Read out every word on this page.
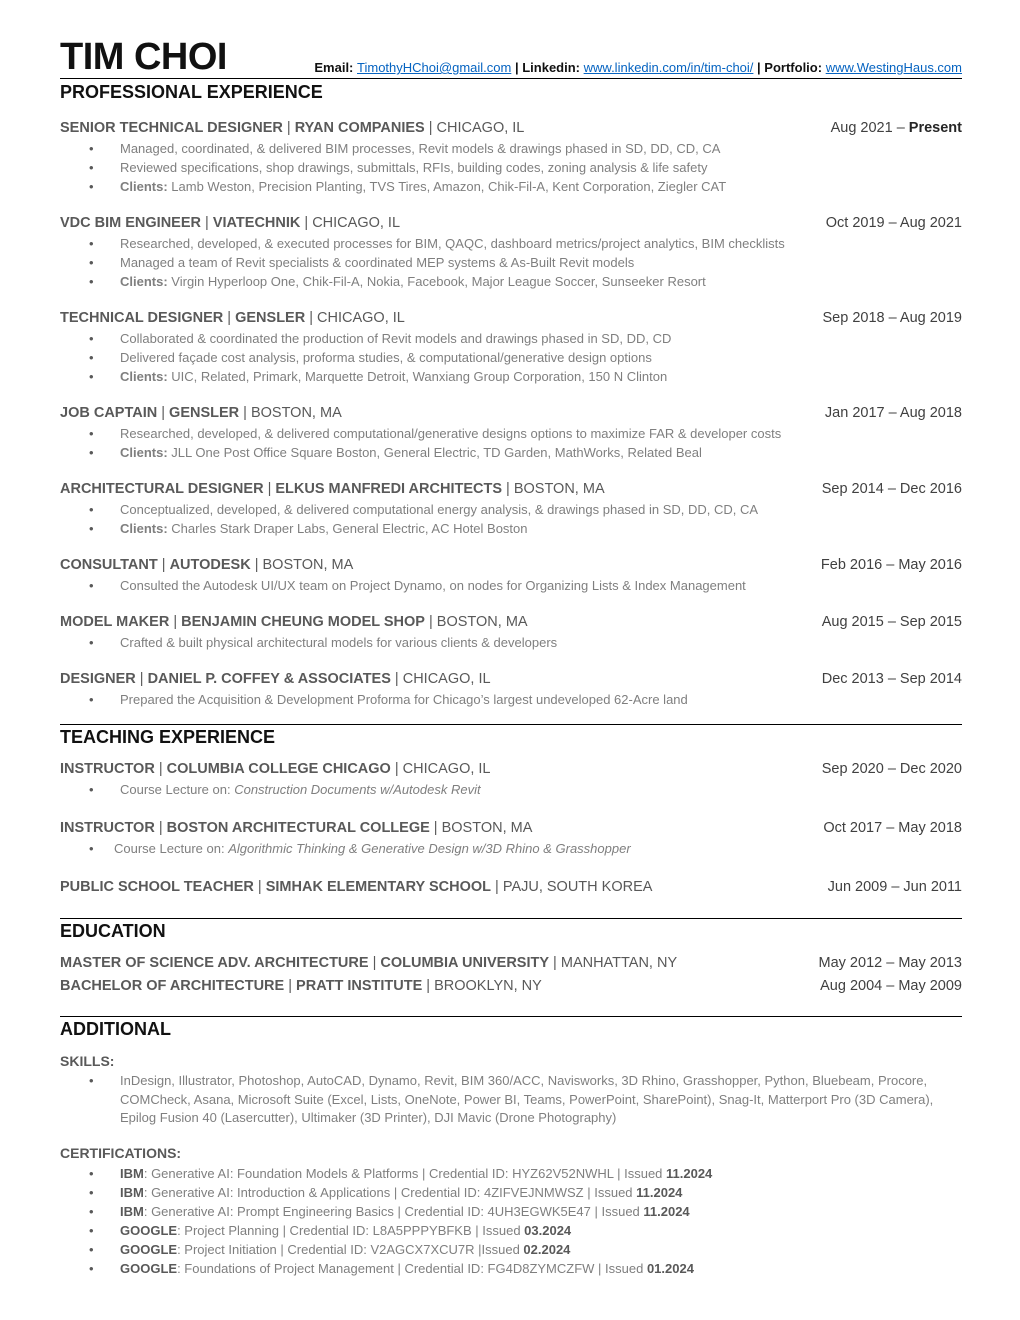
TIM CHOI	Email: TimothyHChoi@gmail.com | Linkedin: www.linkedin.com/in/tim-choi/ | Portfolio: www.WestingHaus.com
PROFESSIONAL EXPERIENCE
SENIOR TECHNICAL DESIGNER | RYAN COMPANIES | CHICAGO, IL	Aug 2021 – Present
• Managed, coordinated, & delivered BIM processes, Revit models & drawings phased in SD, DD, CD, CA
• Reviewed specifications, shop drawings, submittals, RFIs, building codes, zoning analysis & life safety
• Clients: Lamb Weston, Precision Planting, TVS Tires, Amazon, Chik-Fil-A, Kent Corporation, Ziegler CAT
VDC BIM ENGINEER | VIATECHNIK | CHICAGO, IL	Oct 2019 – Aug 2021
• Researched, developed, & executed processes for BIM, QAQC, dashboard metrics/project analytics, BIM checklists
• Managed a team of Revit specialists & coordinated MEP systems & As-Built Revit models
• Clients: Virgin Hyperloop One, Chik-Fil-A, Nokia, Facebook, Major League Soccer, Sunseeker Resort
TECHNICAL DESIGNER | GENSLER | CHICAGO, IL	Sep 2018 – Aug 2019
• Collaborated & coordinated the production of Revit models and drawings phased in SD, DD, CD
• Delivered façade cost analysis, proforma studies, & computational/generative design options
• Clients: UIC, Related, Primark, Marquette Detroit, Wanxiang Group Corporation, 150 N Clinton
JOB CAPTAIN | GENSLER | BOSTON, MA	Jan 2017 – Aug 2018
• Researched, developed, & delivered computational/generative designs options to maximize FAR & developer costs
• Clients: JLL One Post Office Square Boston, General Electric, TD Garden, MathWorks, Related Beal
ARCHITECTURAL DESIGNER | ELKUS MANFREDI ARCHITECTS | BOSTON, MA	Sep 2014 – Dec 2016
• Conceptualized, developed, & delivered computational energy analysis, & drawings phased in SD, DD, CD, CA
• Clients: Charles Stark Draper Labs, General Electric, AC Hotel Boston
CONSULTANT | AUTODESK | BOSTON, MA	Feb 2016 – May 2016
• Consulted the Autodesk UI/UX team on Project Dynamo, on nodes for Organizing Lists & Index Management
MODEL MAKER | BENJAMIN CHEUNG MODEL SHOP | BOSTON, MA	Aug 2015 – Sep 2015
• Crafted & built physical architectural models for various clients & developers
DESIGNER | DANIEL P. COFFEY & ASSOCIATES | CHICAGO, IL	Dec 2013 – Sep 2014
• Prepared the Acquisition & Development Proforma for Chicago’s largest undeveloped 62-Acre land
TEACHING EXPERIENCE
INSTRUCTOR | COLUMBIA COLLEGE CHICAGO | CHICAGO, IL	Sep 2020 – Dec 2020
• Course Lecture on: Construction Documents w/Autodesk Revit
INSTRUCTOR | BOSTON ARCHITECTURAL COLLEGE | BOSTON, MA	Oct 2017 – May 2018
• Course Lecture on: Algorithmic Thinking & Generative Design w/3D Rhino & Grasshopper
PUBLIC SCHOOL TEACHER | SIMHAK ELEMENTARY SCHOOL | PAJU, SOUTH KOREA	Jun 2009 – Jun 2011
EDUCATION
MASTER OF SCIENCE ADV. ARCHITECTURE | COLUMBIA UNIVERSITY | MANHATTAN, NY	May 2012 – May 2013
BACHELOR OF ARCHITECTURE | PRATT INSTITUTE | BROOKLYN, NY	Aug 2004 – May 2009
ADDITIONAL
SKILLS:
• InDesign, Illustrator, Photoshop, AutoCAD, Dynamo, Revit, BIM 360/ACC, Navisworks, 3D Rhino, Grasshopper, Python, Bluebeam, Procore, COMCheck, Asana, Microsoft Suite (Excel, Lists, OneNote, Power BI, Teams, PowerPoint, SharePoint), Snag-It, Matterport Pro (3D Camera), Epilog Fusion 40 (Lasercutter), Ultimaker (3D Printer), DJI Mavic (Drone Photography)
CERTIFICATIONS:
• IBM: Generative AI: Foundation Models & Platforms | Credential ID: HYZ62V52NWHL | Issued 11.2024
• IBM: Generative AI: Introduction & Applications | Credential ID: 4ZIFVEJNMWSZ | Issued 11.2024
• IBM: Generative AI: Prompt Engineering Basics | Credential ID: 4UH3EGWK5E47 | Issued 11.2024
• GOOGLE: Project Planning | Credential ID: L8A5PPPYBFKB | Issued 03.2024
• GOOGLE: Project Initiation | Credential ID: V2AGCX7XCU7R |Issued 02.2024
• GOOGLE: Foundations of Project Management | Credential ID: FG4D8ZYMCZFW | Issued 01.2024
